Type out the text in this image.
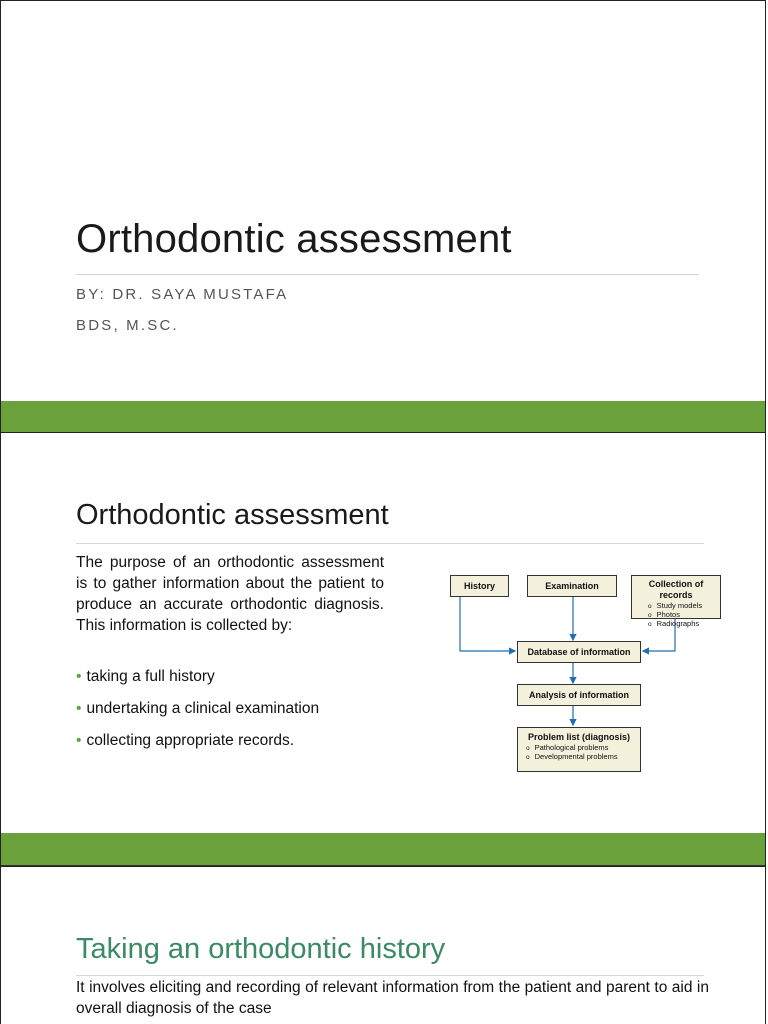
Orthodontic assessment

BY: DR. SAYA MUSTAFA

BDS, M.SC.

Orthodontic assessment

The purpose of an orthodontic assessment is to gather information about the patient to produce an accurate orthodontic diagnosis. This information is collected by:

• taking a full history
• undertaking a clinical examination
• collecting appropriate records.
History	Examination	Collection of records
o Study models
o Photos
o Radiographs
Database of information
Analysis of information
Problem list (diagnosis)
o Pathological problems
o Developmental problems
Taking an orthodontic history

It involves eliciting and recording of relevant information from the patient and parent to aid in overall diagnosis of the case
